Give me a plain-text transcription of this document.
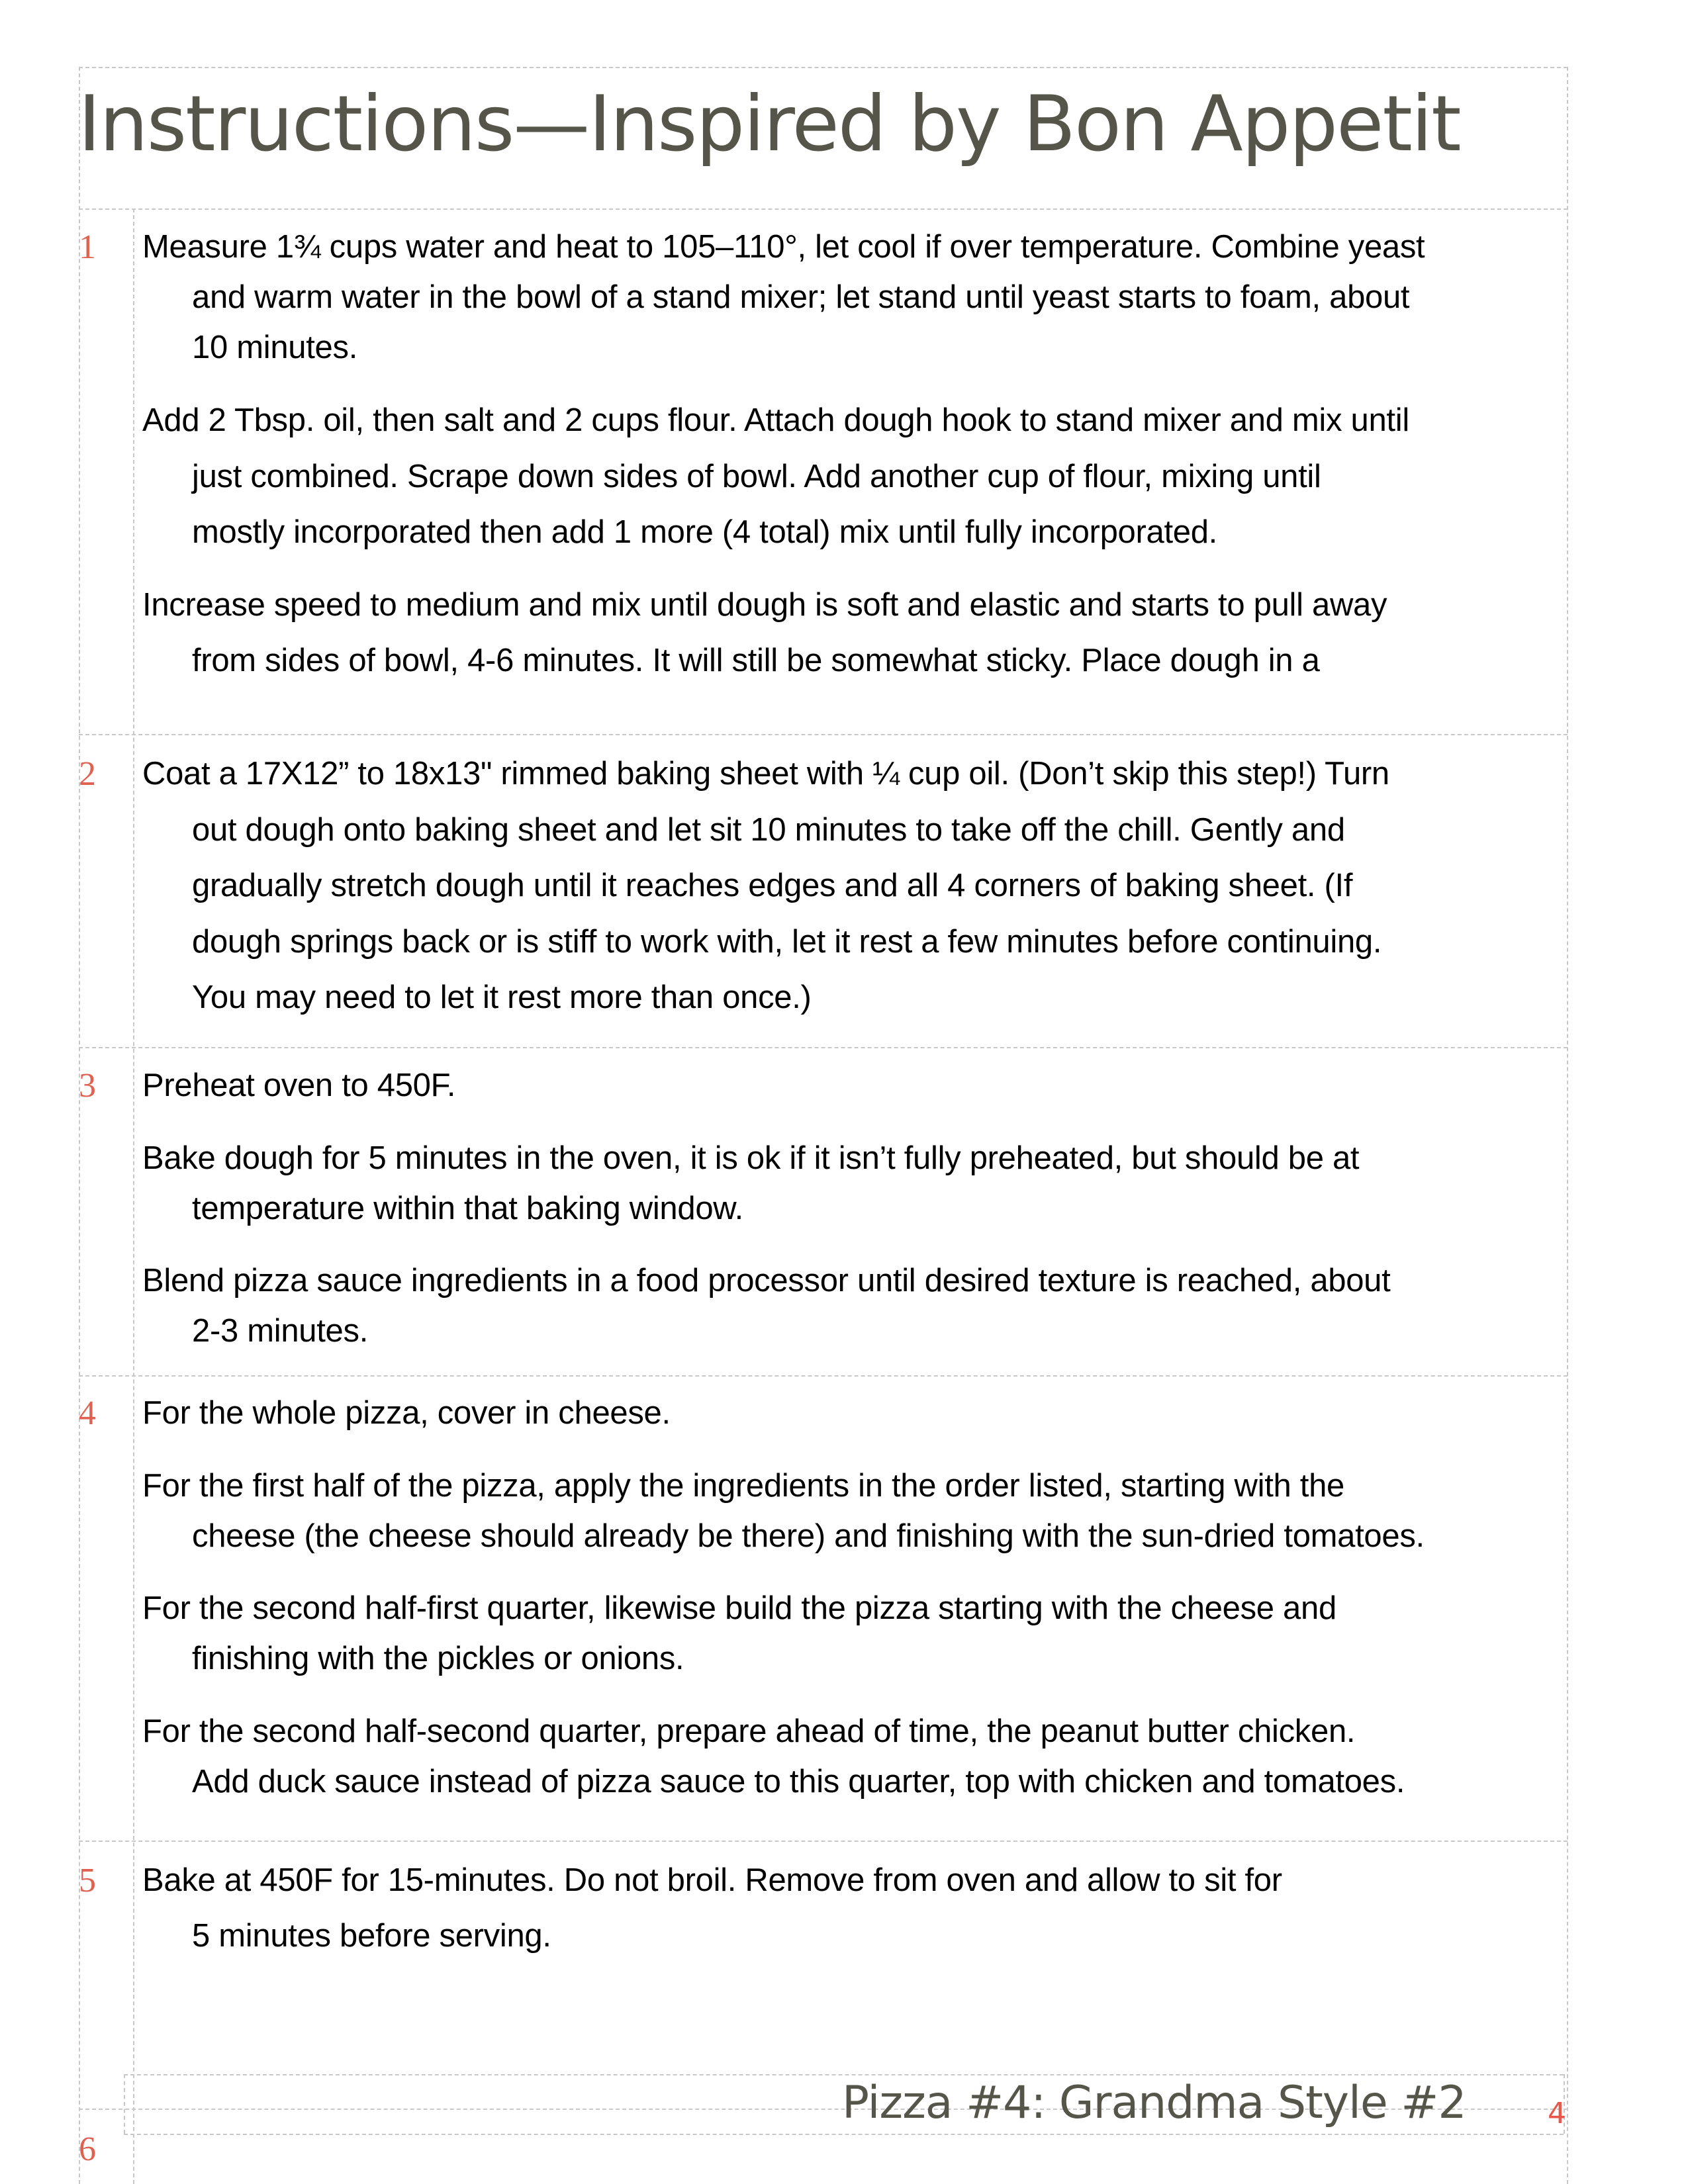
Instructions—Inspired by Bon Appetit
1 Measure 1¾ cups water and heat to 105–110°, let cool if over temperature. Combine yeast
and warm water in the bowl of a stand mixer; let stand until yeast starts to foam, about
10 minutes.
Add 2 Tbsp. oil, then salt and 2 cups flour. Attach dough hook to stand mixer and mix until
just combined. Scrape down sides of bowl. Add another cup of flour, mixing until
mostly incorporated then add 1 more (4 total) mix until fully incorporated.
Increase speed to medium and mix until dough is soft and elastic and starts to pull away
from sides of bowl, 4-6 minutes. It will still be somewhat sticky. Place dough in a
2 Coat a 17X12” to 18x13" rimmed baking sheet with ¼ cup oil. (Don’t skip this step!) Turn
out dough onto baking sheet and let sit 10 minutes to take off the chill. Gently and
gradually stretch dough until it reaches edges and all 4 corners of baking sheet. (If
dough springs back or is stiff to work with, let it rest a few minutes before continuing.
You may need to let it rest more than once.)
3 Preheat oven to 450F.
Bake dough for 5 minutes in the oven, it is ok if it isn’t fully preheated, but should be at
temperature within that baking window.
Blend pizza sauce ingredients in a food processor until desired texture is reached, about
2-3 minutes.
4 For the whole pizza, cover in cheese.
For the first half of the pizza, apply the ingredients in the order listed, starting with the
cheese (the cheese should already be there) and finishing with the sun-dried tomatoes.
For the second half-first quarter, likewise build the pizza starting with the cheese and
finishing with the pickles or onions.
For the second half-second quarter, prepare ahead of time, the peanut butter chicken.
Add duck sauce instead of pizza sauce to this quarter, top with chicken and tomatoes.
5 Bake at 450F for 15-minutes. Do not broil. Remove from oven and allow to sit for
5 minutes before serving.
6
Pizza #4: Grandma Style #2	4
